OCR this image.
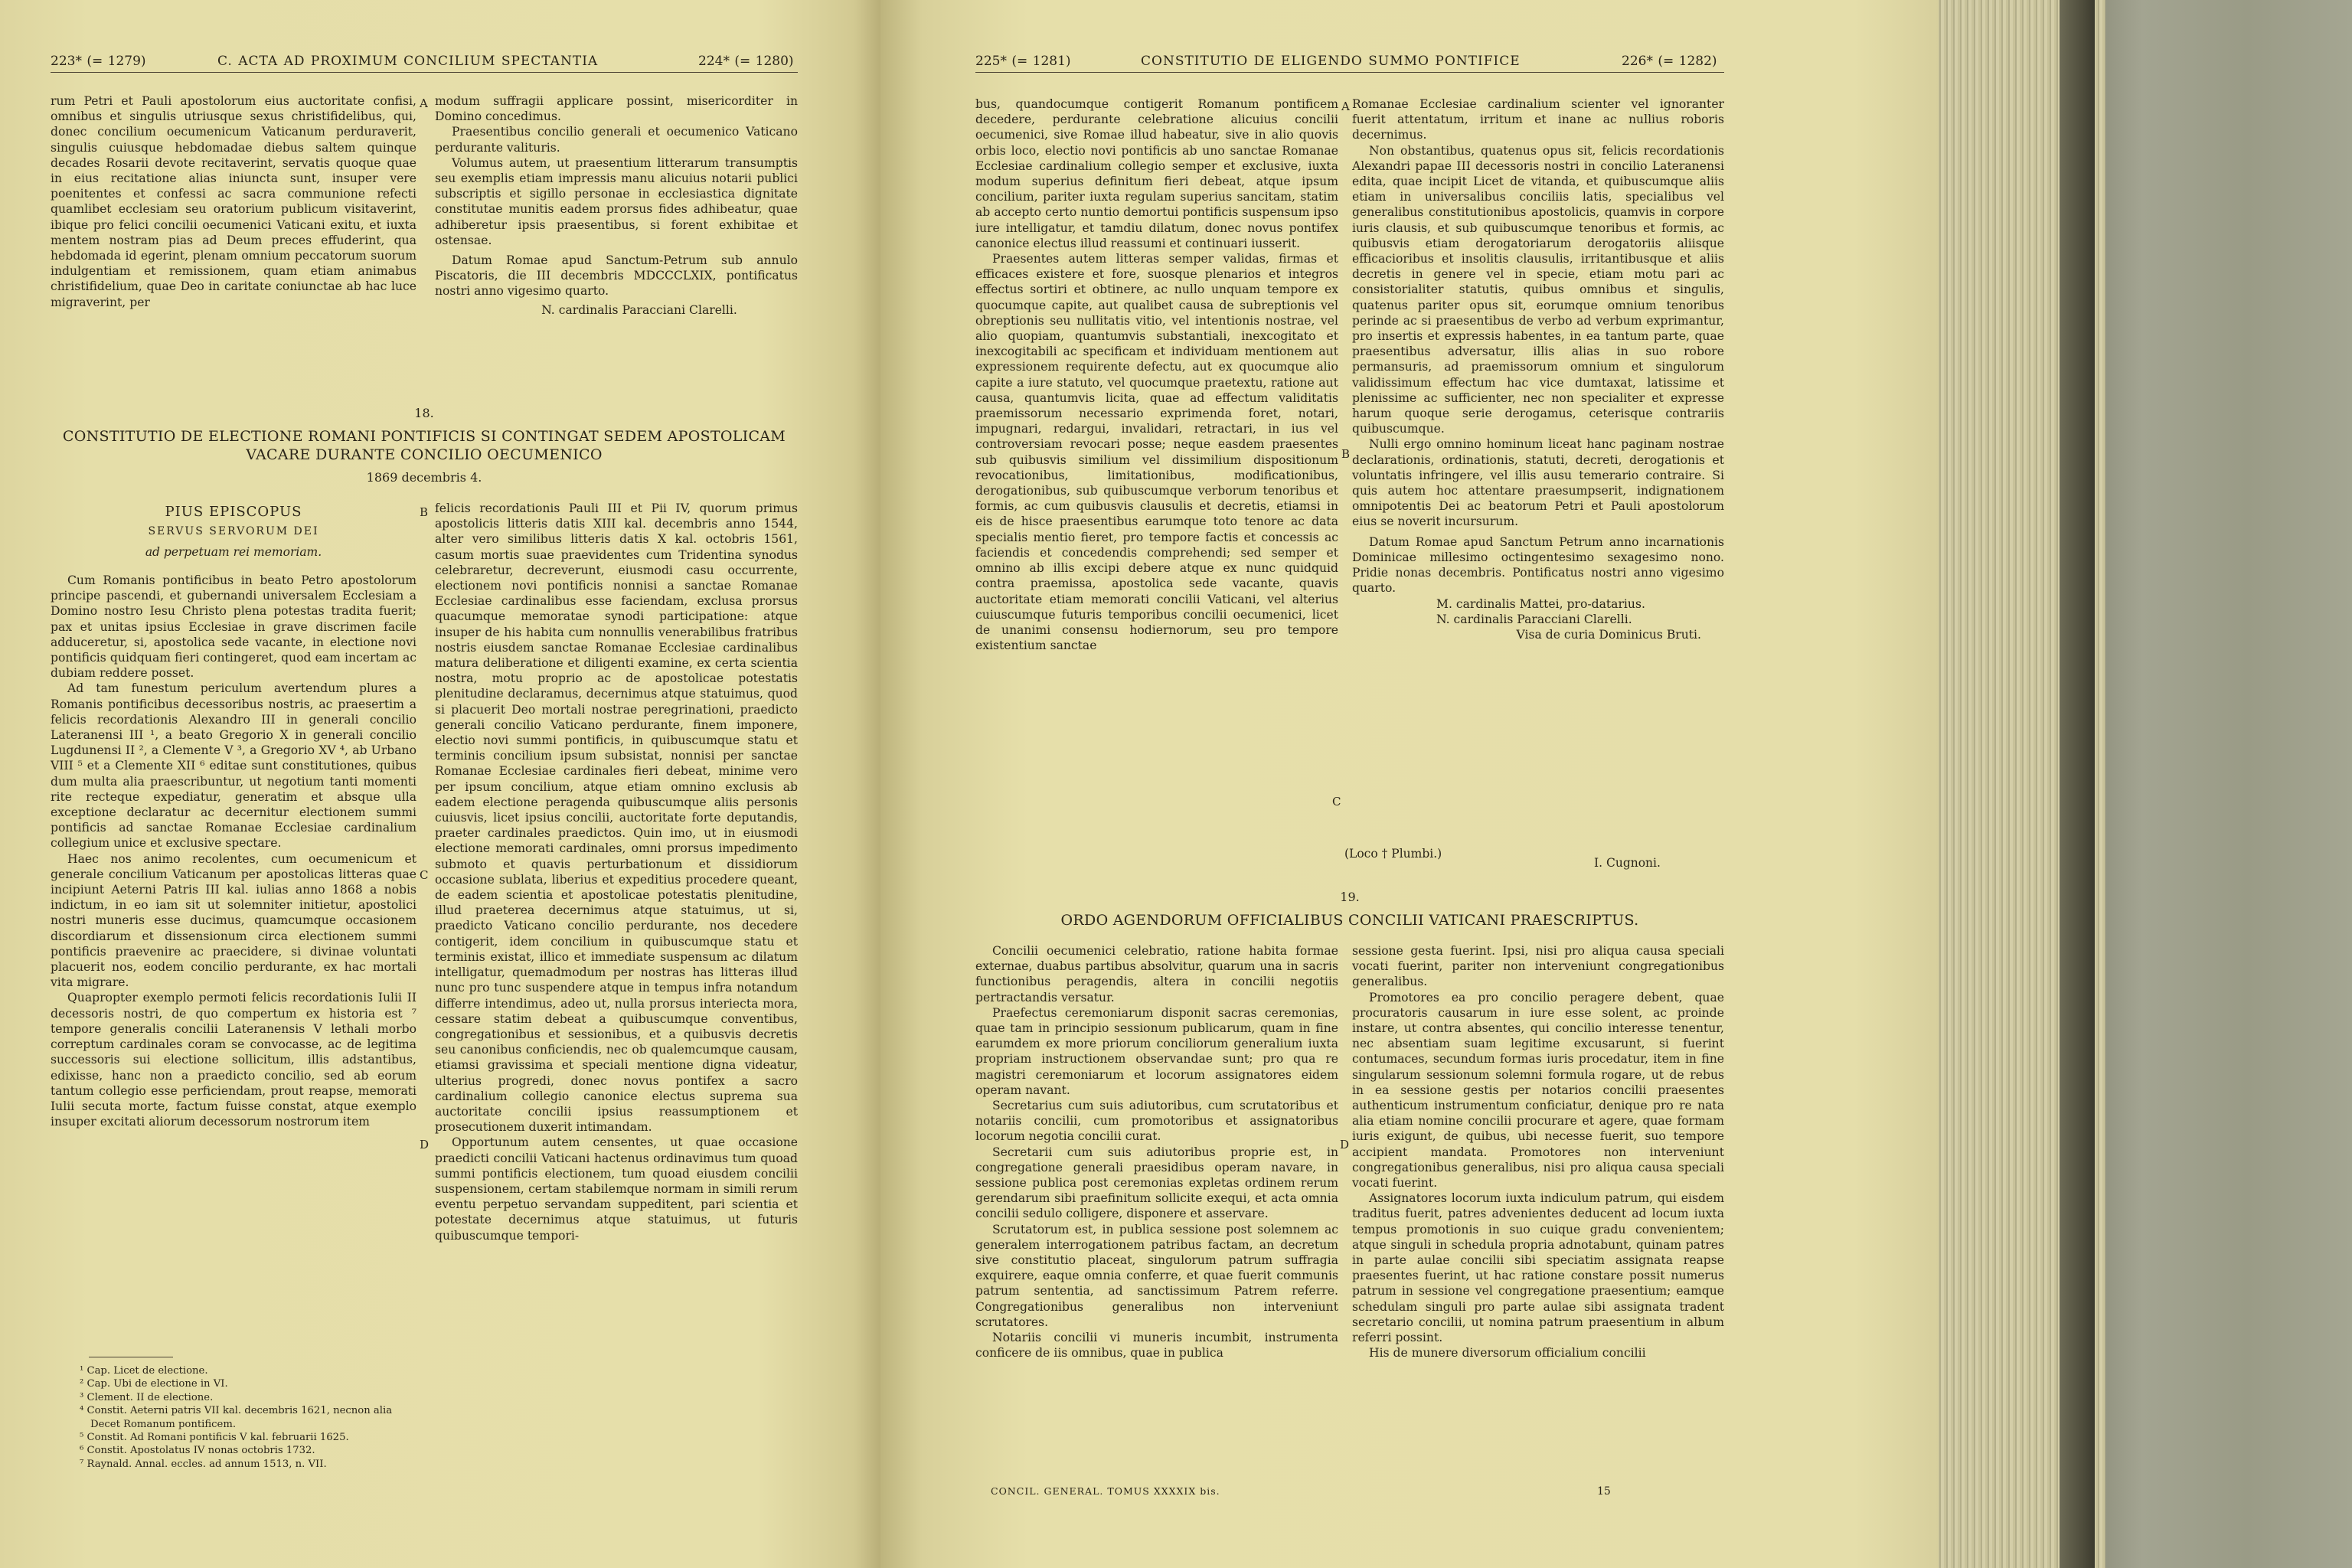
223* (= 1279)	C. ACTA AD PROXIMUM CONCILIUM SPECTANTIA	224* (= 1280)

rum Petri et Pauli apostolorum eius auctoritate confisi, omnibus et singulis utriusque sexus christifidelibus, qui, donec concilium oecumenicum Vaticanum perduraverit, singulis cuiusque hebdomadae diebus saltem quinque decades Rosarii devote recitaverint, servatis quoque quae in eius recitatione alias iniuncta sunt, insuper vere poenitentes et confessi ac sacra communione refecti quamlibet ecclesiam seu oratorium publicum visitaverint, ibique pro felici concilii oecumenici Vaticani exitu, et iuxta mentem nostram pias ad Deum preces effuderint, qua hebdomada id egerint, plenam omnium peccatorum suorum indulgentiam et remissionem, quam etiam animabus christifidelium, quae Deo in caritate coniunctae ab hac luce migraverint, per

A modum suffragii applicare possint, misericorditer in Domino concedimus.

Praesentibus concilio generali et oecumenico Vaticano perdurante valituris.

Volumus autem, ut praesentium litterarum transumptis seu exemplis etiam impressis manu alicuius notarii publici subscriptis et sigillo personae in ecclesiastica dignitate constitutae munitis eadem prorsus fides adhibeatur, quae adhiberetur ipsis praesentibus, si forent exhibitae et ostensae.

Datum Romae apud Sanctum-Petrum sub annulo Piscatoris, die III decembris MDCCCLXIX, pontificatus nostri anno vigesimo quarto.

N. cardinalis Paracciani Clarelli.

18.
CONSTITUTIO DE ELECTIONE ROMANI PONTIFICIS SI CONTINGAT SEDEM APOSTOLICAM
VACARE DURANTE CONCILIO OECUMENICO
1869 decembris 4.
PIUS EPISCOPUS
SERVUS SERVORUM DEI
ad perpetuam rei memoriam.

Cum Romanis pontificibus in beato Petro apostolorum principe pascendi, et gubernandi universalem Ecclesiam a Domino nostro Iesu Christo plena potestas tradita fuerit; pax et unitas ipsius Ecclesiae in grave discrimen facile adduceretur, si, apostolica sede vacante, in electione novi pontificis quidquam fieri contingeret, quod eam incertam ac dubiam reddere posset.

Ad tam funestum periculum avertendum plures a Romanis pontificibus decessoribus nostris, ac praesertim a felicis recordationis Alexandro III in generali concilio Lateranensi III ¹, a beato Gregorio X in generali concilio Lugdunensi II ², a Clemente V ³, a Gregorio XV ⁴, ab Urbano VIII ⁵ et a Clemente XII ⁶ editae sunt constitutiones, quibus dum multa alia praescribuntur, ut negotium tanti momenti rite recteque expediatur, generatim et absque ulla exceptione declaratur ac decernitur electionem summi pontificis ad sanctae Romanae Ecclesiae cardinalium collegium unice et exclusive spectare.

Haec nos animo recolentes, cum oecumenicum et generale concilium Vaticanum per apostolicas litteras quae incipiunt Aeterni Patris III kal. iulias anno 1868 a nobis indictum, in eo iam sit ut solemniter initietur, apostolici nostri muneris esse ducimus, quamcumque occasionem discordiarum et dissensionum circa electionem summi pontificis praevenire ac praecidere, si divinae voluntati placuerit nos, eodem concilio perdurante, ex hac mortali vita migrare.

Quapropter exemplo permoti felicis recordationis Iulii II decessoris nostri, de quo compertum ex historia est ⁷ tempore generalis concilii Lateranensis V lethali morbo correptum cardinales coram se convocasse, ac de legitima successoris sui electione sollicitum, illis adstantibus, edixisse, hanc non a praedicto concilio, sed ab eorum tantum collegio esse perficiendam, prout reapse, memorati Iulii secuta morte, factum fuisse constat, atque exemplo insuper excitati aliorum decessorum nostrorum item

¹ Cap. Licet de electione.
² Cap. Ubi de electione in VI.
³ Clement. II de electione.
⁴ Constit. Aeterni patris VII kal. decembris 1621, necnon alia Decet Romanum pontificem.
⁵ Constit. Ad Romani pontificis V kal. februarii 1625.
⁶ Constit. Apostolatus IV nonas octobris 1732.
⁷ Raynald. Annal. eccles. ad annum 1513, n. VII.
B
C
D

felicis recordationis Pauli III et Pii IV, quorum primus apostolicis litteris datis XIII kal. decembris anno 1544, alter vero similibus litteris datis X kal. octobris 1561, casum mortis suae praevidentes cum Tridentina synodus celebraretur, decreverunt, eiusmodi casu occurrente, electionem novi pontificis nonnisi a sanctae Romanae Ecclesiae cardinalibus esse faciendam, exclusa prorsus quacumque memoratae synodi participatione: atque insuper de his habita cum nonnullis venerabilibus fratribus nostris eiusdem sanctae Romanae Ecclesiae cardinalibus matura deliberatione et diligenti examine, ex certa scientia nostra, motu proprio ac de apostolicae potestatis plenitudine declaramus, decernimus atque statuimus, quod si placuerit Deo mortali nostrae peregrinationi, praedicto generali concilio Vaticano perdurante, finem imponere, electio novi summi pontificis, in quibuscumque statu et terminis concilium ipsum subsistat, nonnisi per sanctae Romanae Ecclesiae cardinales fieri debeat, minime vero per ipsum concilium, atque etiam omnino exclusis ab eadem electione peragenda quibuscumque aliis personis cuiusvis, licet ipsius concilii, auctoritate forte deputandis, praeter cardinales praedictos. Quin imo, ut in eiusmodi electione memorati cardinales, omni prorsus impedimento submoto et quavis perturbationum et dissidiorum occasione sublata, liberius et expeditius procedere queant, de eadem scientia et apostolicae potestatis plenitudine, illud praeterea decernimus atque statuimus, ut si, praedicto Vaticano concilio perdurante, nos decedere contigerit, idem concilium in quibuscumque statu et terminis existat, illico et immediate suspensum ac dilatum intelligatur, quemadmodum per nostras has litteras illud nunc pro tunc suspendere atque in tempus infra notandum differre intendimus, adeo ut, nulla prorsus interiecta mora, cessare statim debeat a quibuscumque conventibus, congregationibus et sessionibus, et a quibusvis decretis seu canonibus conficiendis, nec ob qualemcumque causam, etiamsi gravissima et speciali mentione digna videatur, ulterius progredi, donec novus pontifex a sacro cardinalium collegio canonice electus suprema sua auctoritate concilii ipsius reassumptionem et prosecutionem duxerit intimandam.

Opportunum autem censentes, ut quae occasione praedicti concilii Vaticani hactenus ordinavimus tum quoad summi pontificis electionem, tum quoad eiusdem concilii suspensionem, certam stabilemque normam in simili rerum eventu perpetuo servandam suppeditent, pari scientia et potestate decernimus atque statuimus, ut futuris quibuscumque tempori-

225* (= 1281)	CONSTITUTIO DE ELIGENDO SUMMO PONTIFICE	226* (= 1282)

bus, quandocumque contigerit Romanum pontificem decedere, perdurante celebratione alicuius concilii oecumenici, sive Romae illud habeatur, sive in alio quovis orbis loco, electio novi pontificis ab uno sanctae Romanae Ecclesiae cardinalium collegio semper et exclusive, iuxta modum superius definitum fieri debeat, atque ipsum concilium, pariter iuxta regulam superius sancitam, statim ab accepto certo nuntio demortui pontificis suspensum ipso iure intelligatur, et tamdiu dilatum, donec novus pontifex canonice electus illud reassumi et continuari iusserit.

Praesentes autem litteras semper validas, firmas et efficaces existere et fore, suosque plenarios et integros effectus sortiri et obtinere, ac nullo unquam tempore ex quocumque capite, aut qualibet causa de subreptionis vel obreptionis seu nullitatis vitio, vel intentionis nostrae, vel alio quopiam, quantumvis substantiali, inexcogitato et inexcogitabili ac specificam et individuam mentionem aut expressionem requirente defectu, aut ex quocumque alio capite a iure statuto, vel quocumque praetextu, ratione aut causa, quantumvis licita, quae ad effectum validitatis praemissorum necessario exprimenda foret, notari, impugnari, redargui, invalidari, retractari, in ius vel controversiam revocari posse; neque easdem praesentes sub quibusvis similium vel dissimilium dispositionum revocationibus, limitationibus, modificationibus, derogationibus, sub quibuscumque verborum tenoribus et formis, ac cum quibusvis clausulis et decretis, etiamsi in eis de hisce praesentibus earumque toto tenore ac data specialis mentio fieret, pro tempore factis et concessis ac faciendis et concedendis comprehendi; sed semper et omnino ab illis excipi debere atque ex nunc quidquid contra praemissa, apostolica sede vacante, quavis auctoritate etiam memorati concilii Vaticani, vel alterius cuiuscumque futuris temporibus concilii oecumenici, licet de unanimi consensu hodiernorum, seu pro tempore existentium sanctae

A
B
C

Romanae Ecclesiae cardinalium scienter vel ignoranter fuerit attentatum, irritum et inane ac nullius roboris decernimus.

Non obstantibus, quatenus opus sit, felicis recordationis Alexandri papae III decessoris nostri in concilio Lateranensi edita, quae incipit Licet de vitanda, et quibuscumque aliis etiam in universalibus conciliis latis, specialibus vel generalibus constitutionibus apostolicis, quamvis in corpore iuris clausis, et sub quibuscumque tenoribus et formis, ac quibusvis etiam derogatoriarum derogatoriis aliisque efficacioribus et insolitis clausulis, irritantibusque et aliis decretis in genere vel in specie, etiam motu pari ac consistorialiter statutis, quibus omnibus et singulis, quatenus pariter opus sit, eorumque omnium tenoribus perinde ac si praesentibus de verbo ad verbum exprimantur, pro insertis et expressis habentes, in ea tantum parte, quae praesentibus adversatur, illis alias in suo robore permansuris, ad praemissorum omnium et singulorum validissimum effectum hac vice dumtaxat, latissime et plenissime ac sufficienter, nec non specialiter et expresse harum quoque serie derogamus, ceterisque contrariis quibuscumque.

Nulli ergo omnino hominum liceat hanc paginam nostrae declarationis, ordinationis, statuti, decreti, derogationis et voluntatis infringere, vel illis ausu temerario contraire. Si quis autem hoc attentare praesumpserit, indignationem omnipotentis Dei ac beatorum Petri et Pauli apostolorum eius se noverit incursurum.

Datum Romae apud Sanctum Petrum anno incarnationis Dominicae millesimo octingentesimo sexagesimo nono. Pridie nonas decembris. Pontificatus nostri anno vigesimo quarto.

M. cardinalis Mattei, pro-datarius.

N. cardinalis Paracciani Clarelli.

Visa de curia Dominicus Bruti.

(Loco † Plumbi.)
I. Cugnoni.
19.
ORDO AGENDORUM OFFICIALIBUS CONCILII VATICANI PRAESCRIPTUS.

Concilii oecumenici celebratio, ratione habita formae externae, duabus partibus absolvitur, quarum una in sacris functionibus peragendis, altera in concilii negotiis pertractandis versatur.

Praefectus ceremoniarum disponit sacras ceremonias, quae tam in principio sessionum publicarum, quam in fine earumdem ex more priorum conciliorum generalium iuxta propriam instructionem observandae sunt; pro qua re magistri ceremoniarum et locorum assignatores eidem operam navant.

Secretarius cum suis adiutoribus, cum scrutatoribus et notariis concilii, cum promotoribus et assignatoribus locorum negotia concilii curat.

Secretarii cum suis adiutoribus proprie est, in congregatione generali praesidibus operam navare, in sessione publica post ceremonias expletas ordinem rerum gerendarum sibi praefinitum sollicite exequi, et acta omnia concilii sedulo colligere, disponere et asservare.

Scrutatorum est, in publica sessione post solemnem ac generalem interrogationem patribus factam, an decretum sive constitutio placeat, singulorum patrum suffragia exquirere, eaque omnia conferre, et quae fuerit communis patrum sententia, ad sanctissimum Patrem referre. Congregationibus generalibus non interveniunt scrutatores.

Notariis concilii vi muneris incumbit, instrumenta conficere de iis omnibus, quae in publica

D

sessione gesta fuerint. Ipsi, nisi pro aliqua causa speciali vocati fuerint, pariter non interveniunt congregationibus generalibus.

Promotores ea pro concilio peragere debent, quae procuratoris causarum in iure esse solent, ac proinde instare, ut contra absentes, qui concilio interesse tenentur, nec absentiam suam legitime excusarunt, si fuerint contumaces, secundum formas iuris procedatur, item in fine singularum sessionum solemni formula rogare, ut de rebus in ea sessione gestis per notarios concilii praesentes authenticum instrumentum conficiatur, denique pro re nata alia etiam nomine concilii procurare et agere, quae formam iuris exigunt, de quibus, ubi necesse fuerit, suo tempore accipient mandata. Promotores non interveniunt congregationibus generalibus, nisi pro aliqua causa speciali vocati fuerint.

Assignatores locorum iuxta indiculum patrum, qui eisdem traditus fuerit, patres advenientes deducent ad locum iuxta tempus promotionis in suo cuique gradu convenientem; atque singuli in schedula propria adnotabunt, quinam patres in parte aulae concilii sibi speciatim assignata reapse praesentes fuerint, ut hac ratione constare possit numerus patrum in sessione vel congregatione praesentium; eamque schedulam singuli pro parte aulae sibi assignata tradent secretario concilii, ut nomina patrum praesentium in album referri possint.

His de munere diversorum officialium concilii

CONCIL. GENERAL. TOMUS XXXXIX bis.	15
